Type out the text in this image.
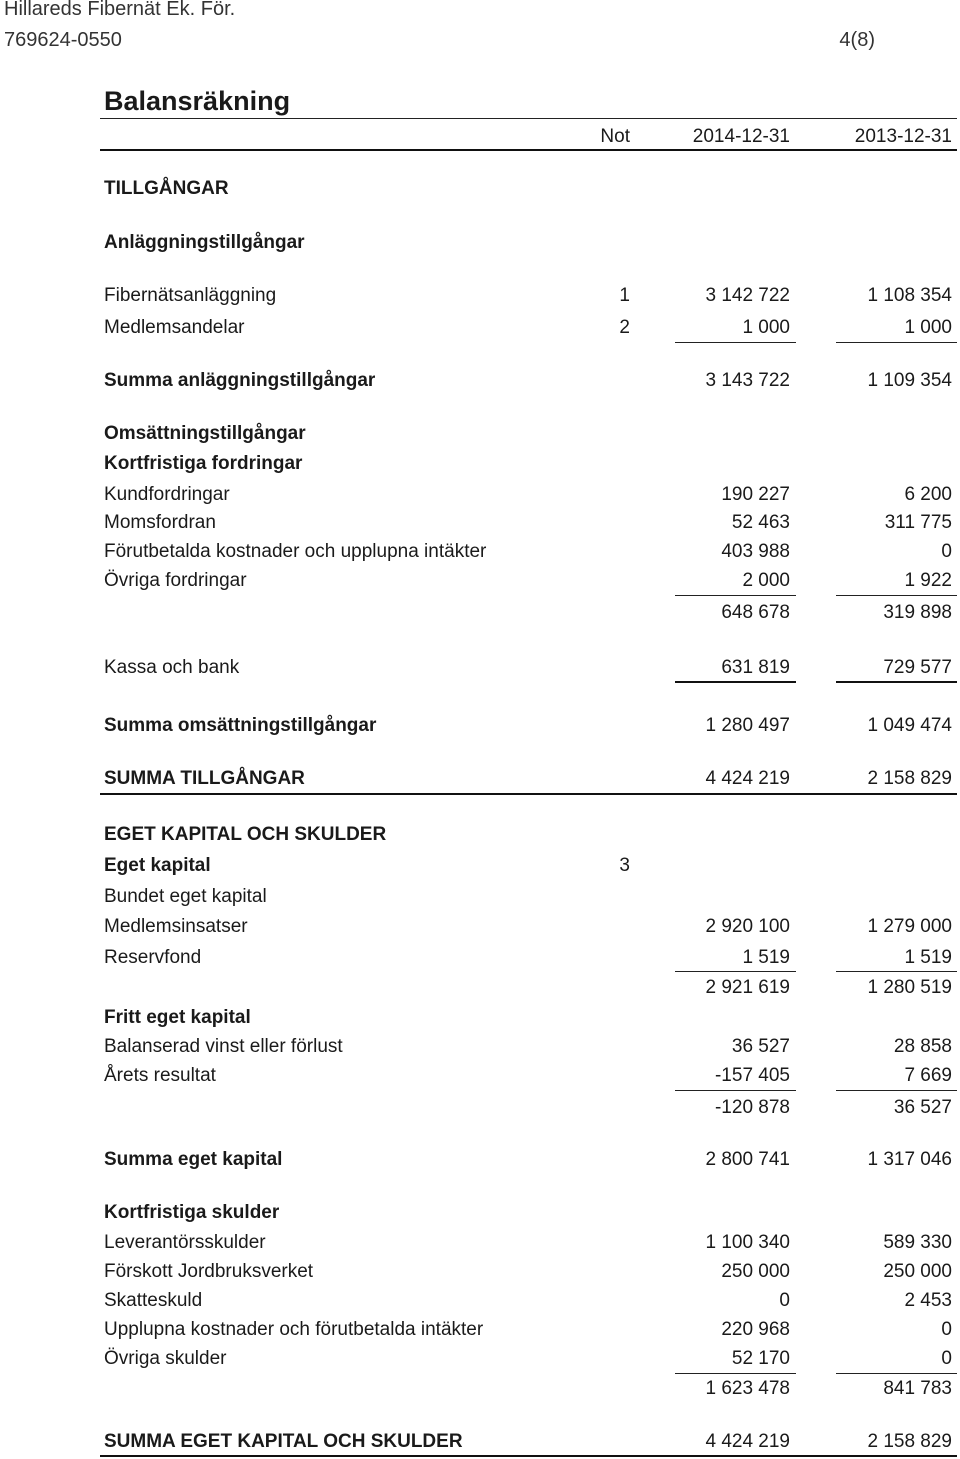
Hillareds Fibernät Ek. För.
769624-0550	4(8)
Balansräkning
Not	2014-12-31	2013-12-31
TILLGÅNGAR
Anläggningstillgångar
Fibernätsanläggning	1	3 142 722	1 108 354
Medlemsandelar	2	1 000	1 000
Summa anläggningstillgångar	3 143 722	1 109 354
Omsättningstillgångar
Kortfristiga fordringar
Kundfordringar	190 227	6 200
Momsfordran	52 463	311 775
Förutbetalda kostnader och upplupna intäkter	403 988	0
Övriga fordringar	2 000	1 922
648 678	319 898
Kassa och bank	631 819	729 577
Summa omsättningstillgångar	1 280 497	1 049 474
SUMMA TILLGÅNGAR	4 424 219	2 158 829
EGET KAPITAL OCH SKULDER
Eget kapital	3
Bundet eget kapital
Medlemsinsatser	2 920 100	1 279 000
Reservfond	1 519	1 519
2 921 619	1 280 519
Fritt eget kapital
Balanserad vinst eller förlust	36 527	28 858
Årets resultat	-157 405	7 669
-120 878	36 527
Summa eget kapital	2 800 741	1 317 046
Kortfristiga skulder
Leverantörsskulder	1 100 340	589 330
Förskott Jordbruksverket	250 000	250 000
Skatteskuld	0	2 453
Upplupna kostnader och förutbetalda intäkter	220 968	0
Övriga skulder	52 170	0
1 623 478	841 783
SUMMA EGET KAPITAL OCH SKULDER	4 424 219	2 158 829
